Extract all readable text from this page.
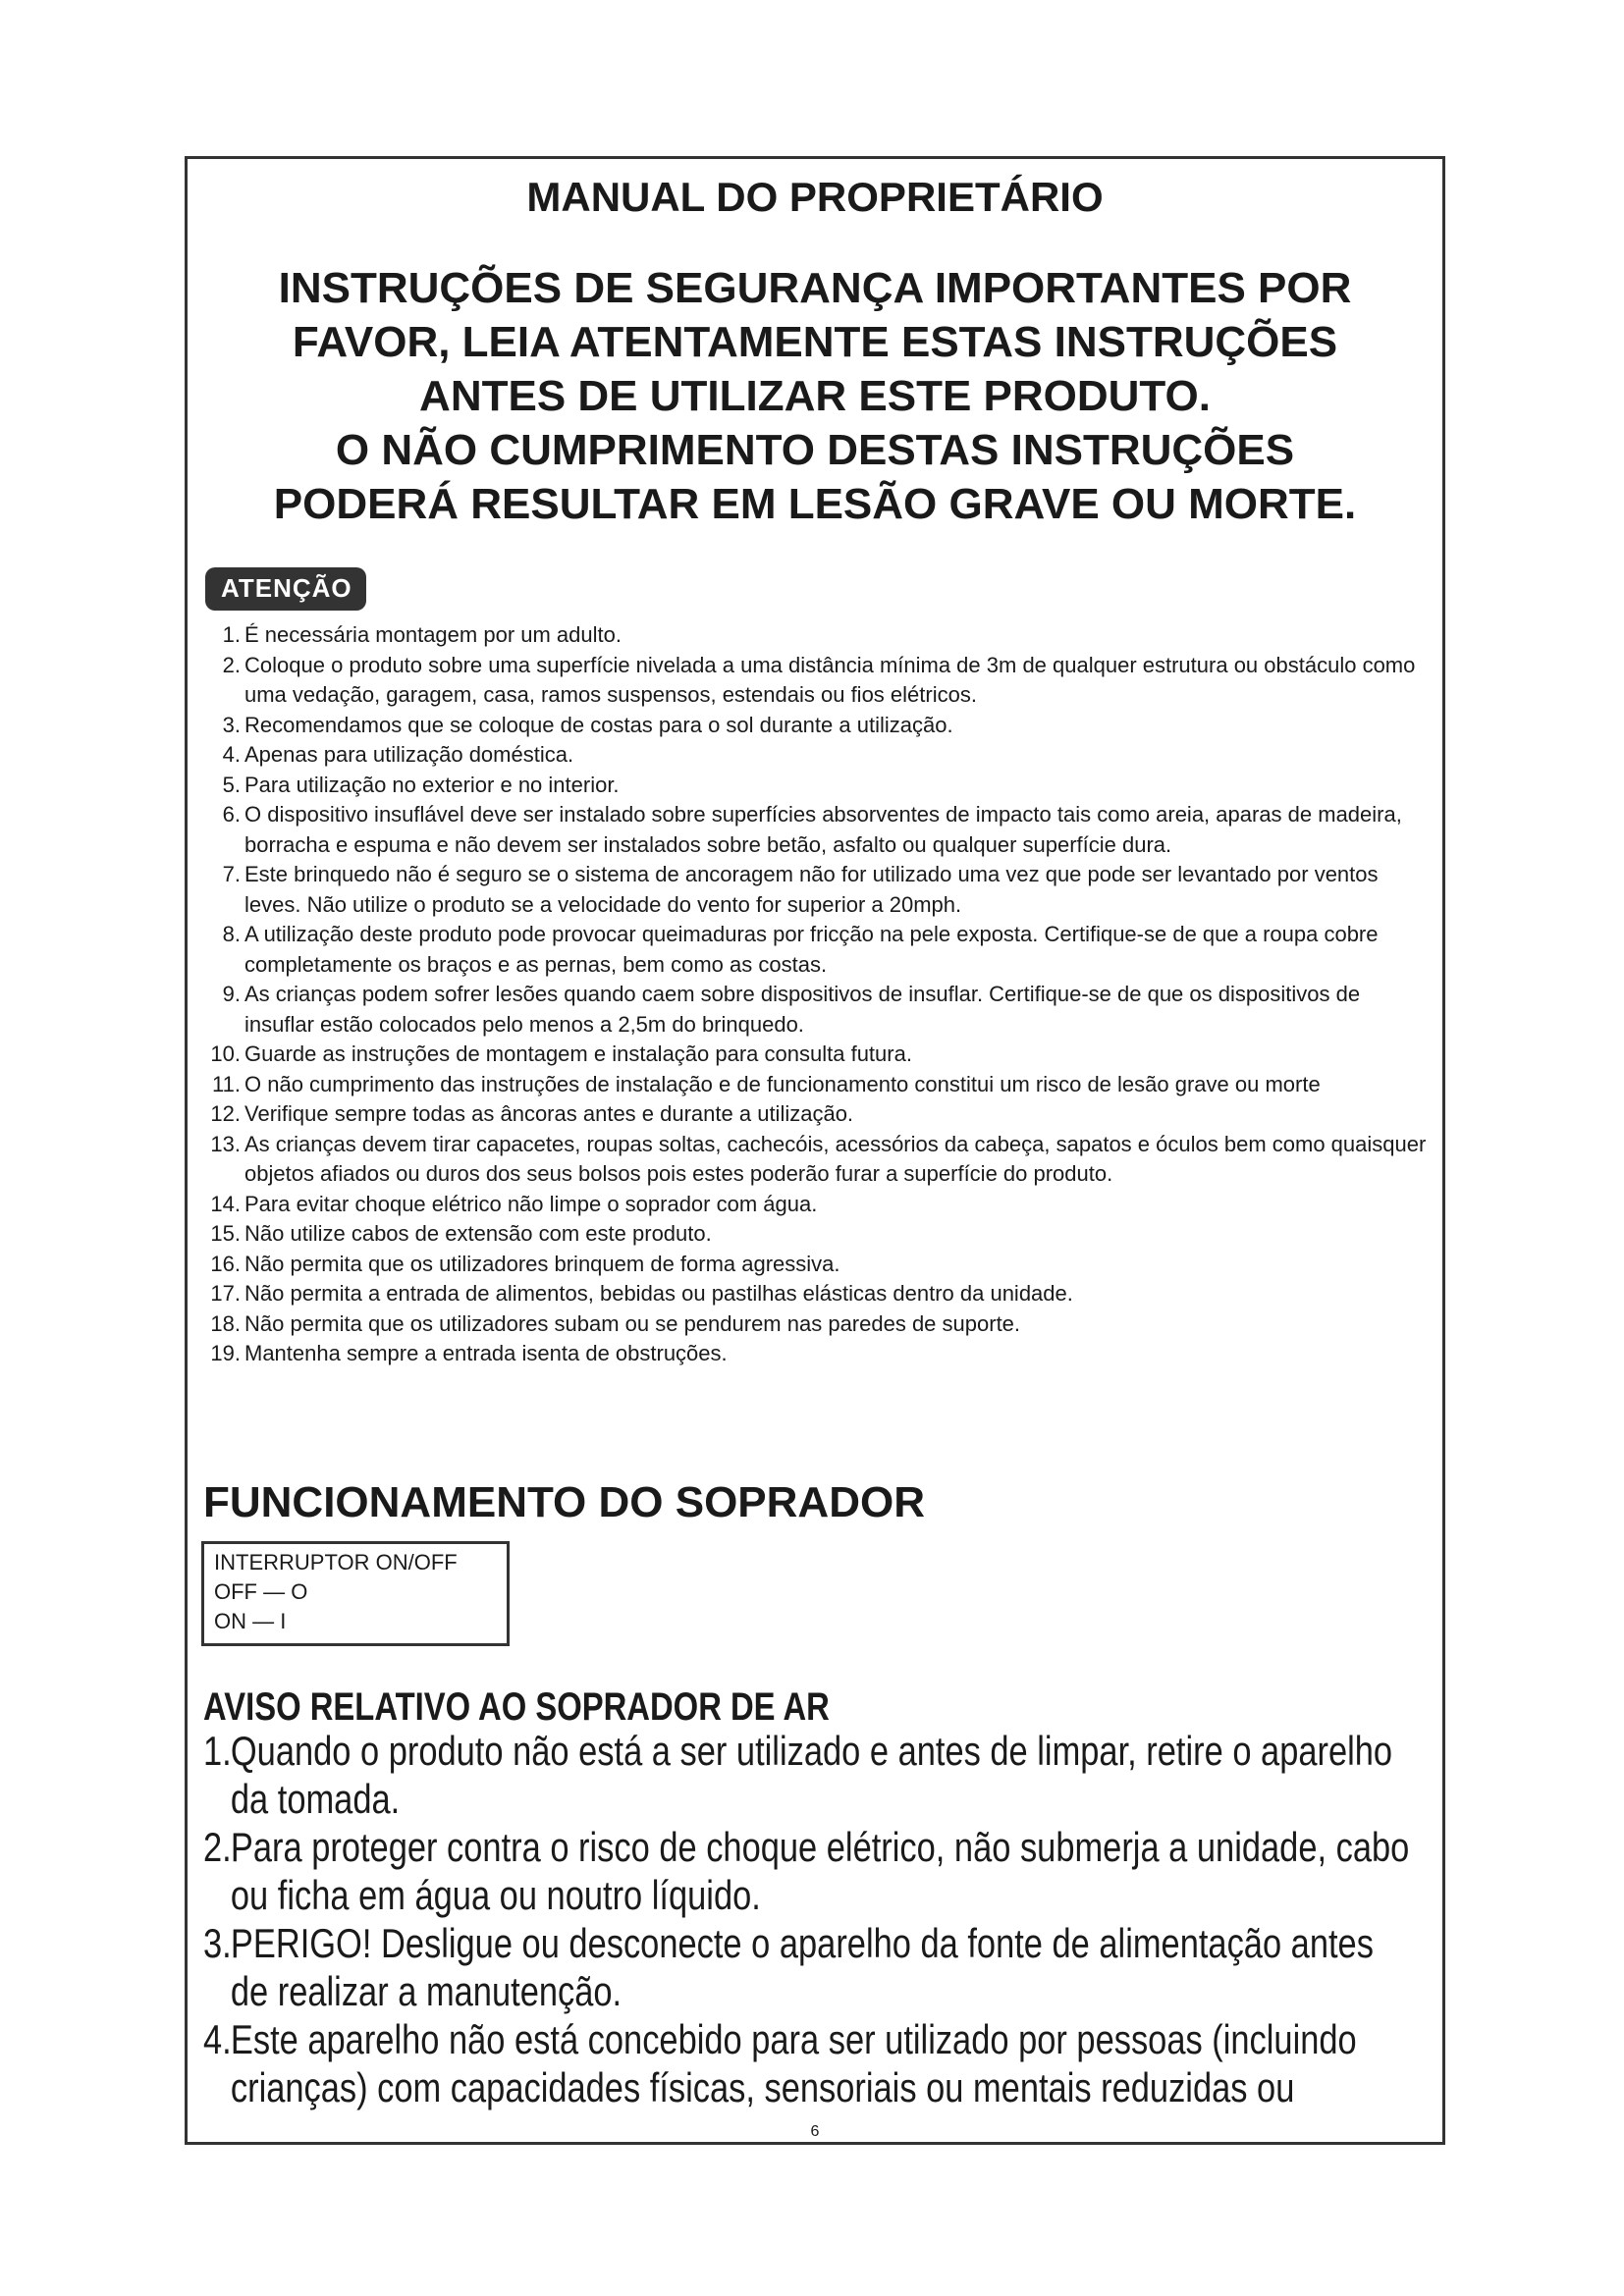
MANUAL DO PROPRIETÁRIO
INSTRUÇÕES DE SEGURANÇA IMPORTANTES POR
FAVOR, LEIA ATENTAMENTE ESTAS INSTRUÇÕES
ANTES DE UTILIZAR ESTE PRODUTO.
O NÃO CUMPRIMENTO DESTAS INSTRUÇÕES
PODERÁ RESULTAR EM LESÃO GRAVE OU MORTE.
ATENÇÃO
1. É necessária montagem por um adulto.
2. Coloque o produto sobre uma superfície nivelada a uma distância mínima de 3m de qualquer estrutura ou obstáculo como uma vedação, garagem, casa, ramos suspensos, estendais ou fios elétricos.
3. Recomendamos que se coloque de costas para o sol durante a utilização.
4. Apenas para utilização doméstica.
5. Para utilização no exterior e no interior.
6. O dispositivo insuflável deve ser instalado sobre superfícies absorventes de impacto tais como areia, aparas de madeira, borracha e espuma e não devem ser instalados sobre betão, asfalto ou qualquer superfície dura.
7. Este brinquedo não é seguro se o sistema de ancoragem não for utilizado uma vez que pode ser levantado por ventos leves. Não utilize o produto se a velocidade do vento for superior a 20mph.
8. A utilização deste produto pode provocar queimaduras por fricção na pele exposta. Certifique-se de que a roupa cobre completamente os braços e as pernas, bem como as costas.
9. As crianças podem sofrer lesões quando caem sobre dispositivos de insuflar. Certifique-se de que os dispositivos de insuflar estão colocados pelo menos a 2,5m do brinquedo.
10. Guarde as instruções de montagem e instalação para consulta futura.
11. O não cumprimento das instruções de instalação e de funcionamento constitui um risco de lesão grave ou morte
12. Verifique sempre todas as âncoras antes e durante a utilização.
13. As crianças devem tirar capacetes, roupas soltas, cachecóis, acessórios da cabeça, sapatos e óculos bem como quaisquer objetos afiados ou duros dos seus bolsos pois estes poderão furar a superfície do produto.
14. Para evitar choque elétrico não limpe o soprador com água.
15. Não utilize cabos de extensão com este produto.
16. Não permita que os utilizadores brinquem de forma agressiva.
17. Não permita a entrada de alimentos, bebidas ou pastilhas elásticas dentro da unidade.
18. Não permita que os utilizadores subam ou se pendurem nas paredes de suporte.
19. Mantenha sempre a entrada isenta de obstruções.
FUNCIONAMENTO DO SOPRADOR
INTERRUPTOR ON/OFF
OFF — O
ON — I
AVISO RELATIVO AO SOPRADOR DE AR
1. Quando o produto não está a ser utilizado e antes de limpar, retire o aparelho da tomada.
2. Para proteger contra o risco de choque elétrico, não submerja a unidade, cabo ou ficha em água ou noutro líquido.
3. PERIGO! Desligue ou desconecte o aparelho da fonte de alimentação antes de realizar a manutenção.
4. Este aparelho não está concebido para ser utilizado por pessoas (incluindo crianças) com capacidades físicas, sensoriais ou mentais reduzidas ou
6
